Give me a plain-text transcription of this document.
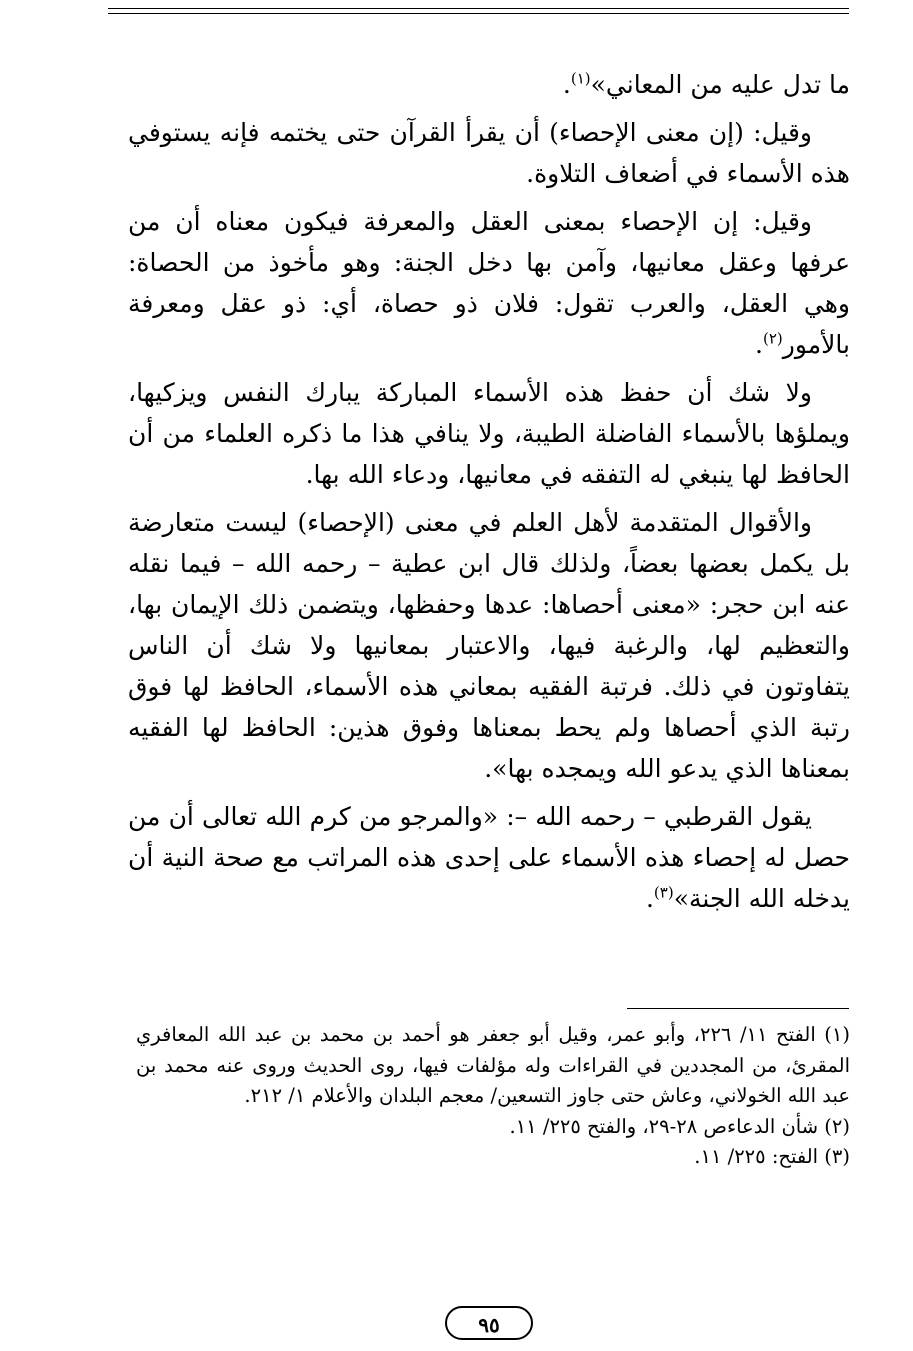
ما تدل عليه من المعاني»$^{(١)}$.

وقيل: (إن معنى الإحصاء) أن يقرأ القرآن حتى يختمه فإنه يستوفي هذه الأسماء في أضعاف التلاوة.

وقيل: إن الإحصاء بمعنى العقل والمعرفة فيكون معناه أن من عرفها وعقل معانيها، وآمن بها دخل الجنة: وهو مأخوذ من الحصاة: وهي العقل، والعرب تقول: فلان ذو حصاة، أي: ذو عقل ومعرفة بالأمور$^{(٢)}$.

ولا شك أن حفظ هذه الأسماء المباركة يبارك النفس ويزكيها، ويملؤها بالأسماء الفاضلة الطيبة، ولا ينافي هذا ما ذكره العلماء من أن الحافظ لها ينبغي له التفقه في معانيها، ودعاء الله بها.

والأقوال المتقدمة لأهل العلم في معنى (الإحصاء) ليست متعارضة بل يكمل بعضها بعضاً، ولذلك قال ابن عطية – رحمه الله – فيما نقله عنه ابن حجر: «معنى أحصاها: عدها وحفظها، ويتضمن ذلك الإيمان بها، والتعظيم لها، والرغبة فيها، والاعتبار بمعانيها ولا شك أن الناس يتفاوتون في ذلك. فرتبة الفقيه بمعاني هذه الأسماء، الحافظ لها فوق رتبة الذي أحصاها ولم يحط بمعناها وفوق هذين: الحافظ لها الفقيه بمعناها الذي يدعو الله ويمجده بها».

يقول القرطبي – رحمه الله –: «والمرجو من كرم الله تعالى أن من حصل له إحصاء هذه الأسماء على إحدى هذه المراتب مع صحة النية أن يدخله الله الجنة»$^{(٣)}$.

(١) الفتح ١١/ ٢٢٦، وأبو عمر، وقيل أبو جعفر هو أحمد بن محمد بن عبد الله المعافري المقرئ، من المجددين في القراءات وله مؤلفات فيها، روى الحديث وروى عنه محمد بن عبد الله الخولاني، وعاش حتى جاوز التسعين/ معجم البلدان والأعلام ١/ ٢١٢.

(٢) شأن الدعاءص ٢٨-٢٩، والفتح ٢٢٥/ ١١.

(٣) الفتح: ٢٢٥/ ١١.

٩٥
